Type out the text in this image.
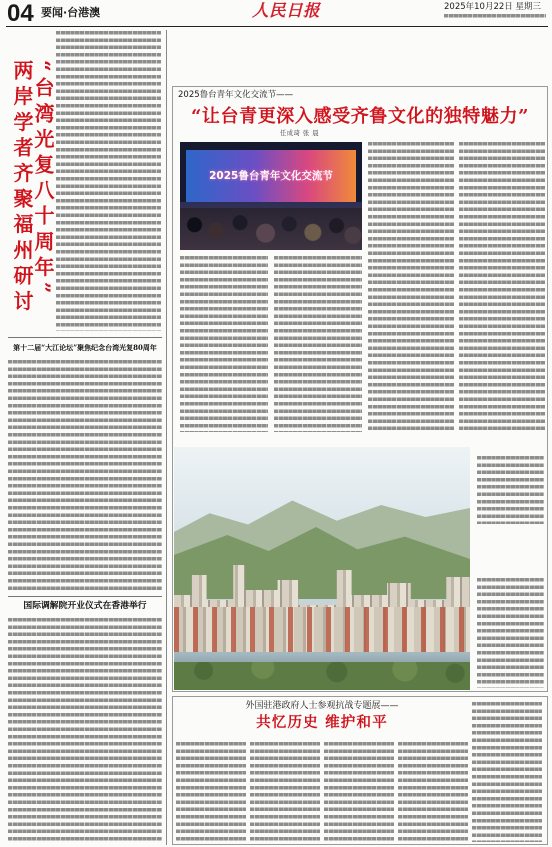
04 要闻·台港澳	人民日报	2025年10月22日 星期三
两岸学者齐聚福州研讨
“台湾光复八十周年”
第十二届“大江论坛”聚焦纪念台湾光复80周年
国际调解院开业仪式在香港举行
2025鲁台青年文化交流节——
“让台青更深入感受齐鲁文化的独特魅力”
任成琦 张 晨
2025鲁台青年文化交流节
外国驻港政府人士参观抗战专题展——
共忆历史 维护和平
